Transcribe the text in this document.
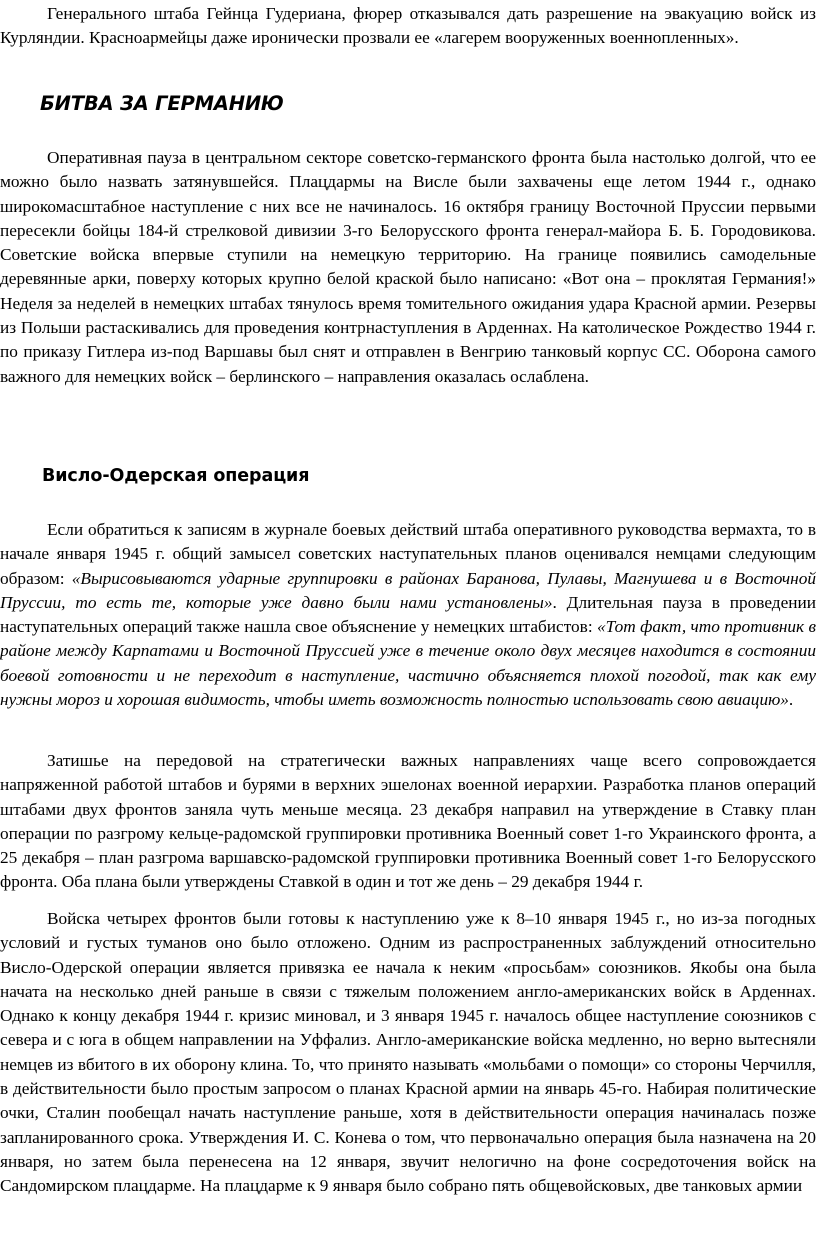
Генерального штаба Гейнца Гудериана, фюрер отказывался дать разрешение на эвакуацию войск из Курляндии. Красноармейцы даже иронически прозвали ее «лагерем вооруженных военнопленных».

БИТВА ЗА ГЕРМАНИЮ

Оперативная пауза в центральном секторе советско-германского фронта была настолько долгой, что ее можно было назвать затянувшейся. Плацдармы на Висле были захвачены еще летом 1944 г., однако широкомасштабное наступление с них все не начиналось. 16 октября границу Восточной Пруссии первыми пересекли бойцы 184-й стрелковой дивизии 3-го Белорусского фронта генерал-майора Б. Б. Городовикова. Советские войска впервые ступили на немецкую территорию. На границе появились самодельные деревянные арки, поверху которых крупно белой краской было написано: «Вот она – проклятая Германия!» Неделя за неделей в немецких штабах тянулось время томительного ожидания удара Красной армии. Резервы из Польши растаскивались для проведения контрнаступления в Арденнах. На католическое Рождество 1944 г. по приказу Гитлера из-под Варшавы был снят и отправлен в Венгрию танковый корпус СС. Оборона самого важного для немецких войск – берлинского – направления оказалась ослаблена.

Висло-Одерская операция

Если обратиться к записям в журнале боевых действий штаба оперативного руководства вермахта, то в начале января 1945 г. общий замысел советских наступательных планов оценивался немцами следующим образом: «Вырисовываются ударные группировки в районах Баранова, Пулавы, Магнушева и в Восточной Пруссии, то есть те, которые уже давно были нами установлены». Длительная пауза в проведении наступательных операций также нашла свое объяснение у немецких штабистов: «Тот факт, что противник в районе между Карпатами и Восточной Пруссией уже в течение около двух месяцев находится в состоянии боевой готовности и не переходит в наступление, частично объясняется плохой погодой, так как ему нужны мороз и хорошая видимость, чтобы иметь возможность полностью использовать свою авиацию».

Затишье на передовой на стратегически важных направлениях чаще всего сопровождается напряженной работой штабов и бурями в верхних эшелонах военной иерархии. Разработка планов операций штабами двух фронтов заняла чуть меньше месяца. 23 декабря направил на утверждение в Ставку план операции по разгрому кельце-радомской группировки противника Военный совет 1-го Украинского фронта, а 25 декабря – план разгрома варшавско-радомской группировки противника Военный совет 1-го Белорусского фронта. Оба плана были утверждены Ставкой в один и тот же день – 29 декабря 1944 г.

Войска четырех фронтов были готовы к наступлению уже к 8–10 января 1945 г., но из-за погодных условий и густых туманов оно было отложено. Одним из распространенных заблуждений относительно Висло-Одерской операции является привязка ее начала к неким «просьбам» союзников. Якобы она была начата на несколько дней раньше в связи с тяжелым положением англо-американских войск в Арденнах. Однако к концу декабря 1944 г. кризис миновал, и 3 января 1945 г. началось общее наступление союзников с севера и с юга в общем направлении на Уффализ. Англо-американские войска медленно, но верно вытесняли немцев из вбитого в их оборону клина. То, что принято называть «мольбами о помощи» со стороны Черчилля, в действительности было простым запросом о планах Красной армии на январь 45-го. Набирая политические очки, Сталин пообещал начать наступление раньше, хотя в действительности операция начиналась позже запланированного срока. Утверждения И. С. Конева о том, что первоначально операция была назначена на 20 января, но затем была перенесена на 12 января, звучит нелогично на фоне сосредоточения войск на Сандомирском плацдарме. На плацдарме к 9 января было собрано пять общевойсковых, две танковых армии
